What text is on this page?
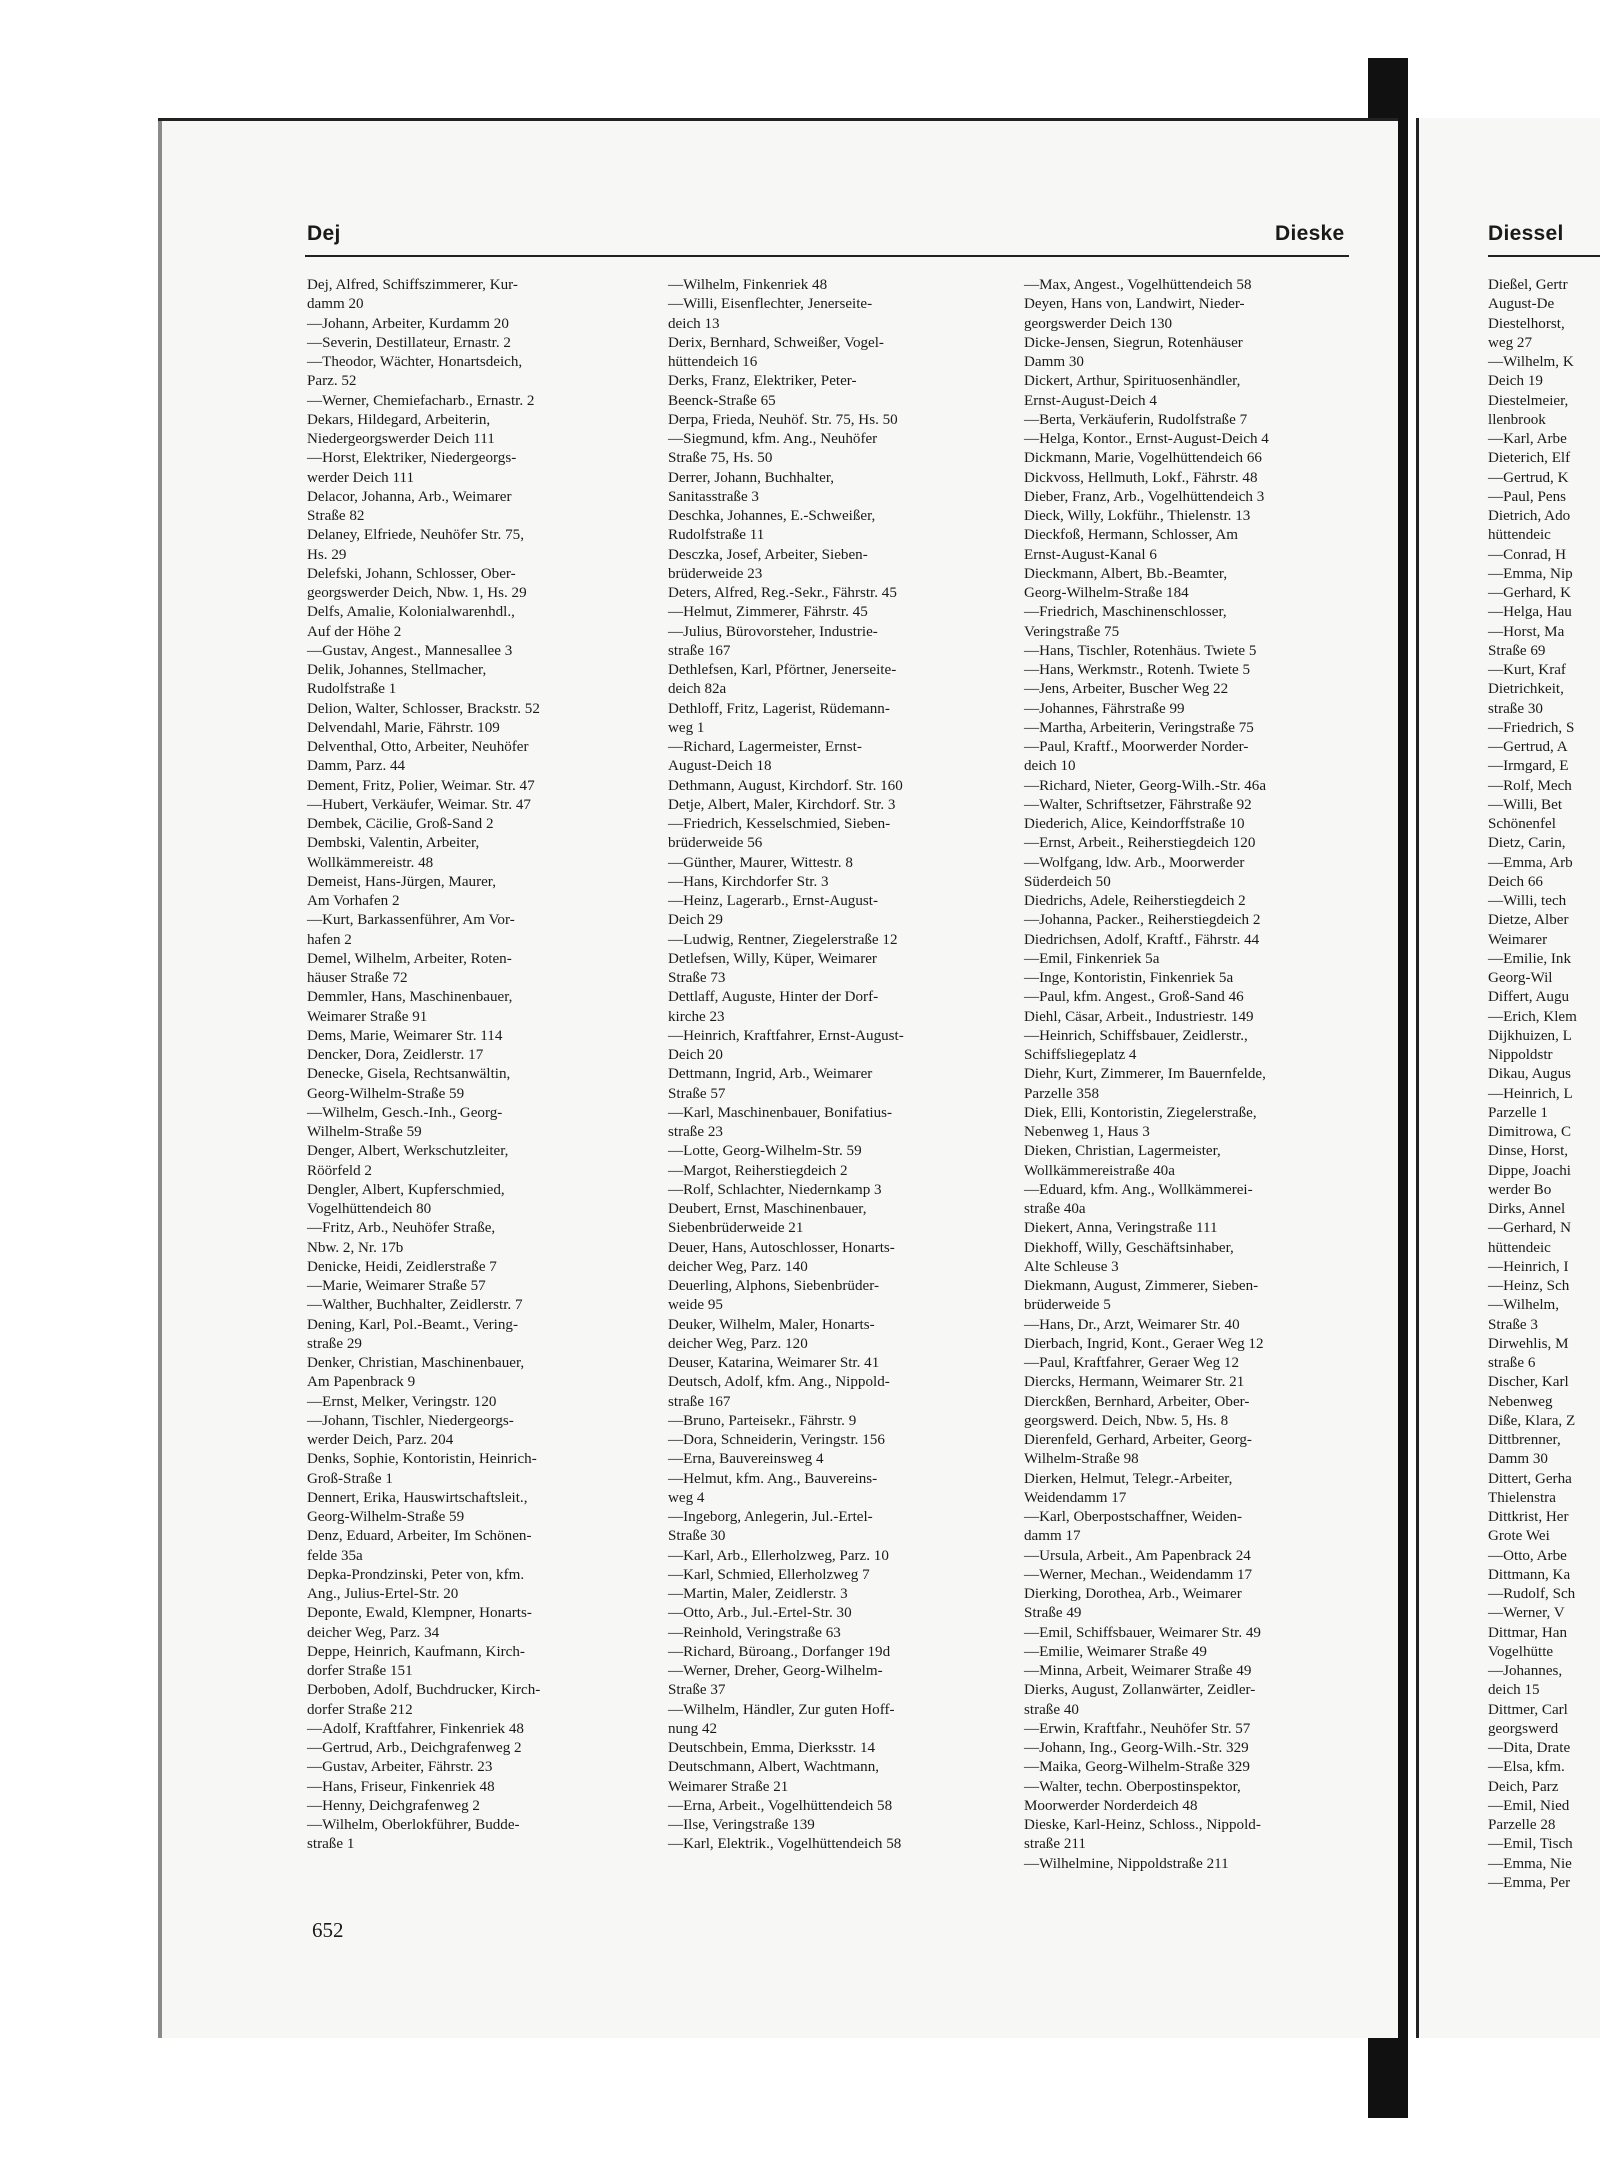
Dej	Dieske
Dej, Alfred, Schiffszimmerer, Kur-
damm 20
—Johann, Arbeiter, Kurdamm 20
—Severin, Destillateur, Ernastr. 2
—Theodor, Wächter, Honartsdeich,
Parz. 52
—Werner, Chemiefacharb., Ernastr. 2
Dekars, Hildegard, Arbeiterin,
Niedergeorgswerder Deich 111
—Horst, Elektriker, Niedergeorgs-
werder Deich 111
Delacor, Johanna, Arb., Weimarer
Straße 82
Delaney, Elfriede, Neuhöfer Str. 75,
Hs. 29
Delefski, Johann, Schlosser, Ober-
georgswerder Deich, Nbw. 1, Hs. 29
Delfs, Amalie, Kolonialwarenhdl.,
Auf der Höhe 2
—Gustav, Angest., Mannesallee 3
Delik, Johannes, Stellmacher,
Rudolfstraße 1
Delion, Walter, Schlosser, Brackstr. 52
Delvendahl, Marie, Fährstr. 109
Delventhal, Otto, Arbeiter, Neuhöfer
Damm, Parz. 44
Dement, Fritz, Polier, Weimar. Str. 47
—Hubert, Verkäufer, Weimar. Str. 47
Dembek, Cäcilie, Groß-Sand 2
Dembski, Valentin, Arbeiter,
Wollkämmereistr. 48
Demeist, Hans-Jürgen, Maurer,
Am Vorhafen 2
—Kurt, Barkassenführer, Am Vor-
hafen 2
Demel, Wilhelm, Arbeiter, Roten-
häuser Straße 72
Demmler, Hans, Maschinenbauer,
Weimarer Straße 91
Dems, Marie, Weimarer Str. 114
Dencker, Dora, Zeidlerstr. 17
Denecke, Gisela, Rechtsanwältin,
Georg-Wilhelm-Straße 59
—Wilhelm, Gesch.-Inh., Georg-
Wilhelm-Straße 59
Denger, Albert, Werkschutzleiter,
Röörfeld 2
Dengler, Albert, Kupferschmied,
Vogelhüttendeich 80
—Fritz, Arb., Neuhöfer Straße,
Nbw. 2, Nr. 17b
Denicke, Heidi, Zeidlerstraße 7
—Marie, Weimarer Straße 57
—Walther, Buchhalter, Zeidlerstr. 7
Dening, Karl, Pol.-Beamt., Vering-
straße 29
Denker, Christian, Maschinenbauer,
Am Papenbrack 9
—Ernst, Melker, Veringstr. 120
—Johann, Tischler, Niedergeorgs-
werder Deich, Parz. 204
Denks, Sophie, Kontoristin, Heinrich-
Groß-Straße 1
Dennert, Erika, Hauswirtschaftsleit.,
Georg-Wilhelm-Straße 59
Denz, Eduard, Arbeiter, Im Schönen-
felde 35a
Depka-Prondzinski, Peter von, kfm.
Ang., Julius-Ertel-Str. 20
Deponte, Ewald, Klempner, Honarts-
deicher Weg, Parz. 34
Deppe, Heinrich, Kaufmann, Kirch-
dorfer Straße 151
Derboben, Adolf, Buchdrucker, Kirch-
dorfer Straße 212
—Adolf, Kraftfahrer, Finkenriek 48
—Gertrud, Arb., Deichgrafenweg 2
—Gustav, Arbeiter, Fährstr. 23
—Hans, Friseur, Finkenriek 48
—Henny, Deichgrafenweg 2
—Wilhelm, Oberlokführer, Budde-
straße 1
—Wilhelm, Finkenriek 48
—Willi, Eisenflechter, Jenerseite-
deich 13
Derix, Bernhard, Schweißer, Vogel-
hüttendeich 16
Derks, Franz, Elektriker, Peter-
Beenck-Straße 65
Derpa, Frieda, Neuhöf. Str. 75, Hs. 50
—Siegmund, kfm. Ang., Neuhöfer
Straße 75, Hs. 50
Derrer, Johann, Buchhalter,
Sanitasstraße 3
Deschka, Johannes, E.-Schweißer,
Rudolfstraße 11
Desczka, Josef, Arbeiter, Sieben-
brüderweide 23
Deters, Alfred, Reg.-Sekr., Fährstr. 45
—Helmut, Zimmerer, Fährstr. 45
—Julius, Bürovorsteher, Industrie-
straße 167
Dethlefsen, Karl, Pförtner, Jenerseite-
deich 82a
Dethloff, Fritz, Lagerist, Rüdemann-
weg 1
—Richard, Lagermeister, Ernst-
August-Deich 18
Dethmann, August, Kirchdorf. Str. 160
Detje, Albert, Maler, Kirchdorf. Str. 3
—Friedrich, Kesselschmied, Sieben-
brüderweide 56
—Günther, Maurer, Wittestr. 8
—Hans, Kirchdorfer Str. 3
—Heinz, Lagerarb., Ernst-August-
Deich 29
—Ludwig, Rentner, Ziegelerstraße 12
Detlefsen, Willy, Küper, Weimarer
Straße 73
Dettlaff, Auguste, Hinter der Dorf-
kirche 23
—Heinrich, Kraftfahrer, Ernst-August-
Deich 20
Dettmann, Ingrid, Arb., Weimarer
Straße 57
—Karl, Maschinenbauer, Bonifatius-
straße 23
—Lotte, Georg-Wilhelm-Str. 59
—Margot, Reiherstiegdeich 2
—Rolf, Schlachter, Niedernkamp 3
Deubert, Ernst, Maschinenbauer,
Siebenbrüderweide 21
Deuer, Hans, Autoschlosser, Honarts-
deicher Weg, Parz. 140
Deuerling, Alphons, Siebenbrüder-
weide 95
Deuker, Wilhelm, Maler, Honarts-
deicher Weg, Parz. 120
Deuser, Katarina, Weimarer Str. 41
Deutsch, Adolf, kfm. Ang., Nippold-
straße 167
—Bruno, Parteisekr., Fährstr. 9
—Dora, Schneiderin, Veringstr. 156
—Erna, Bauvereinsweg 4
—Helmut, kfm. Ang., Bauvereins-
weg 4
—Ingeborg, Anlegerin, Jul.-Ertel-
Straße 30
—Karl, Arb., Ellerholzweg, Parz. 10
—Karl, Schmied, Ellerholzweg 7
—Martin, Maler, Zeidlerstr. 3
—Otto, Arb., Jul.-Ertel-Str. 30
—Reinhold, Veringstraße 63
—Richard, Büroang., Dorfanger 19d
—Werner, Dreher, Georg-Wilhelm-
Straße 37
—Wilhelm, Händler, Zur guten Hoff-
nung 42
Deutschbein, Emma, Dierksstr. 14
Deutschmann, Albert, Wachtmann,
Weimarer Straße 21
—Erna, Arbeit., Vogelhüttendeich 58
—Ilse, Veringstraße 139
—Karl, Elektrik., Vogelhüttendeich 58
—Max, Angest., Vogelhüttendeich 58
Deyen, Hans von, Landwirt, Nieder-
georgswerder Deich 130
Dicke-Jensen, Siegrun, Rotenhäuser
Damm 30
Dickert, Arthur, Spirituosenhändler,
Ernst-August-Deich 4
—Berta, Verkäuferin, Rudolfstraße 7
—Helga, Kontor., Ernst-August-Deich 4
Dickmann, Marie, Vogelhüttendeich 66
Dickvoss, Hellmuth, Lokf., Fährstr. 48
Dieber, Franz, Arb., Vogelhüttendeich 3
Dieck, Willy, Lokführ., Thielenstr. 13
Dieckfoß, Hermann, Schlosser, Am
Ernst-August-Kanal 6
Dieckmann, Albert, Bb.-Beamter,
Georg-Wilhelm-Straße 184
—Friedrich, Maschinenschlosser,
Veringstraße 75
—Hans, Tischler, Rotenhäus. Twiete 5
—Hans, Werkmstr., Rotenh. Twiete 5
—Jens, Arbeiter, Buscher Weg 22
—Johannes, Fährstraße 99
—Martha, Arbeiterin, Veringstraße 75
—Paul, Kraftf., Moorwerder Norder-
deich 10
—Richard, Nieter, Georg-Wilh.-Str. 46a
—Walter, Schriftsetzer, Fährstraße 92
Diederich, Alice, Keindorffstraße 10
—Ernst, Arbeit., Reiherstiegdeich 120
—Wolfgang, ldw. Arb., Moorwerder
Süderdeich 50
Diedrichs, Adele, Reiherstiegdeich 2
—Johanna, Packer., Reiherstiegdeich 2
Diedrichsen, Adolf, Kraftf., Fährstr. 44
—Emil, Finkenriek 5a
—Inge, Kontoristin, Finkenriek 5a
—Paul, kfm. Angest., Groß-Sand 46
Diehl, Cäsar, Arbeit., Industriestr. 149
—Heinrich, Schiffsbauer, Zeidlerstr.,
Schiffsliegeplatz 4
Diehr, Kurt, Zimmerer, Im Bauernfelde,
Parzelle 358
Diek, Elli, Kontoristin, Ziegelerstraße,
Nebenweg 1, Haus 3
Dieken, Christian, Lagermeister,
Wollkämmereistraße 40a
—Eduard, kfm. Ang., Wollkämmerei-
straße 40a
Diekert, Anna, Veringstraße 111
Diekhoff, Willy, Geschäftsinhaber,
Alte Schleuse 3
Diekmann, August, Zimmerer, Sieben-
brüderweide 5
—Hans, Dr., Arzt, Weimarer Str. 40
Dierbach, Ingrid, Kont., Geraer Weg 12
—Paul, Kraftfahrer, Geraer Weg 12
Diercks, Hermann, Weimarer Str. 21
Dierckßen, Bernhard, Arbeiter, Ober-
georgswerd. Deich, Nbw. 5, Hs. 8
Dierenfeld, Gerhard, Arbeiter, Georg-
Wilhelm-Straße 98
Dierken, Helmut, Telegr.-Arbeiter,
Weidendamm 17
—Karl, Oberpostschaffner, Weiden-
damm 17
—Ursula, Arbeit., Am Papenbrack 24
—Werner, Mechan., Weidendamm 17
Dierking, Dorothea, Arb., Weimarer
Straße 49
—Emil, Schiffsbauer, Weimarer Str. 49
—Emilie, Weimarer Straße 49
—Minna, Arbeit, Weimarer Straße 49
Dierks, August, Zollanwärter, Zeidler-
straße 40
—Erwin, Kraftfahr., Neuhöfer Str. 57
—Johann, Ing., Georg-Wilh.-Str. 329
—Maika, Georg-Wilhelm-Straße 329
—Walter, techn. Oberpostinspektor,
Moorwerder Norderdeich 48
Dieske, Karl-Heinz, Schloss., Nippold-
straße 211
—Wilhelmine, Nippoldstraße 211
652
Diessel
Dießel, Gertr
August-De
Diestelhorst,
weg 27
—Wilhelm, K
Deich 19
Diestelmeier,
llenbrook
—Karl, Arbe
Dieterich, Elf
—Gertrud, K
—Paul, Pens
Dietrich, Ado
hüttendeic
—Conrad, H
—Emma, Nip
—Gerhard, K
—Helga, Hau
—Horst, Ma
Straße 69
—Kurt, Kraf
Dietrichkeit,
straße 30
—Friedrich, S
—Gertrud, A
—Irmgard, E
—Rolf, Mech
—Willi, Bet
Schönenfel
Dietz, Carin,
—Emma, Arb
Deich 66
—Willi, tech
Dietze, Alber
Weimarer
—Emilie, Ink
Georg-Wil
Differt, Augu
—Erich, Klem
Dijkhuizen, L
Nippoldstr
Dikau, Augus
—Heinrich, L
Parzelle 1
Dimitrowa, C
Dinse, Horst,
Dippe, Joachi
werder Bo
Dirks, Annel
—Gerhard, N
hüttendeic
—Heinrich, I
—Heinz, Sch
—Wilhelm,
Straße 3
Dirwehlis, M
straße 6
Discher, Karl
Nebenweg
Diße, Klara, Z
Dittbrenner,
Damm 30
Dittert, Gerha
Thielenstra
Dittkrist, Her
Grote Wei
—Otto, Arbe
Dittmann, Ka
—Rudolf, Sch
—Werner, V
Dittmar, Han
Vogelhütte
—Johannes,
deich 15
Dittmer, Carl
georgswerd
—Dita, Drate
—Elsa, kfm.
Deich, Parz
—Emil, Nied
Parzelle 28
—Emil, Tisch
—Emma, Nie
—Emma, Per
